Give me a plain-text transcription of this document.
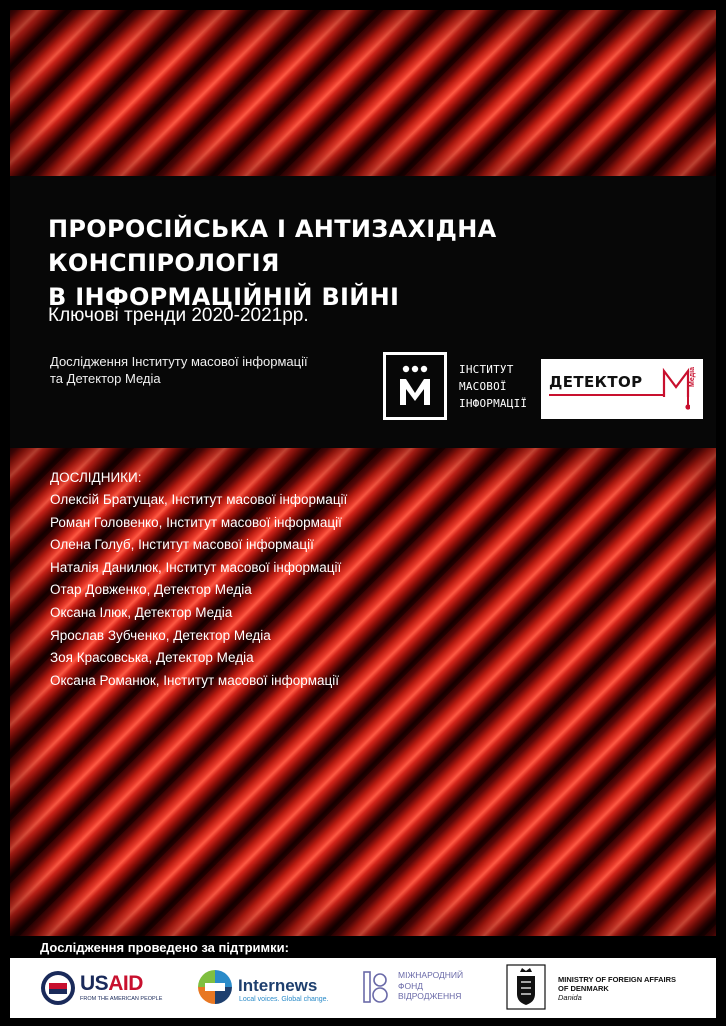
ПРОРОСІЙСЬКА І АНТИЗАХІДНА КОНСПІРОЛОГІЯ
В ІНФОРМАЦІЙНІЙ ВІЙНІ
Ключові тренди 2020-2021рр.
Дослідження Інституту масової інформації
та Детектор Медіа
ІНСТИТУТ
МАСОВОЇ
ІНФОРМАЦІЇ
ДЕТЕКТОР	Медіа
ДОСЛІДНИКИ:
Олексій Братущак, Інститут масової інформації
Роман Головенко, Інститут масової інформації
Олена Голуб, Інститут масової інформації
Наталія Данилюк, Інститут масової інформації
Отар Довженко, Детектор Медіа
Оксана Ілюк, Детектор Медіа
Ярослав Зубченко, Детектор Медіа
Зоя Красовська, Детектор Медіа
Оксана Романюк, Інститут масової інформації
Дослідження проведено за підтримки:
USAID
FROM THE AMERICAN PEOPLE
Internews
Local voices. Global change.
МІЖНАРОДНИЙ
ФОНД
ВІДРОДЖЕННЯ
MINISTRY OF FOREIGN AFFAIRS
OF DENMARK
Danida
